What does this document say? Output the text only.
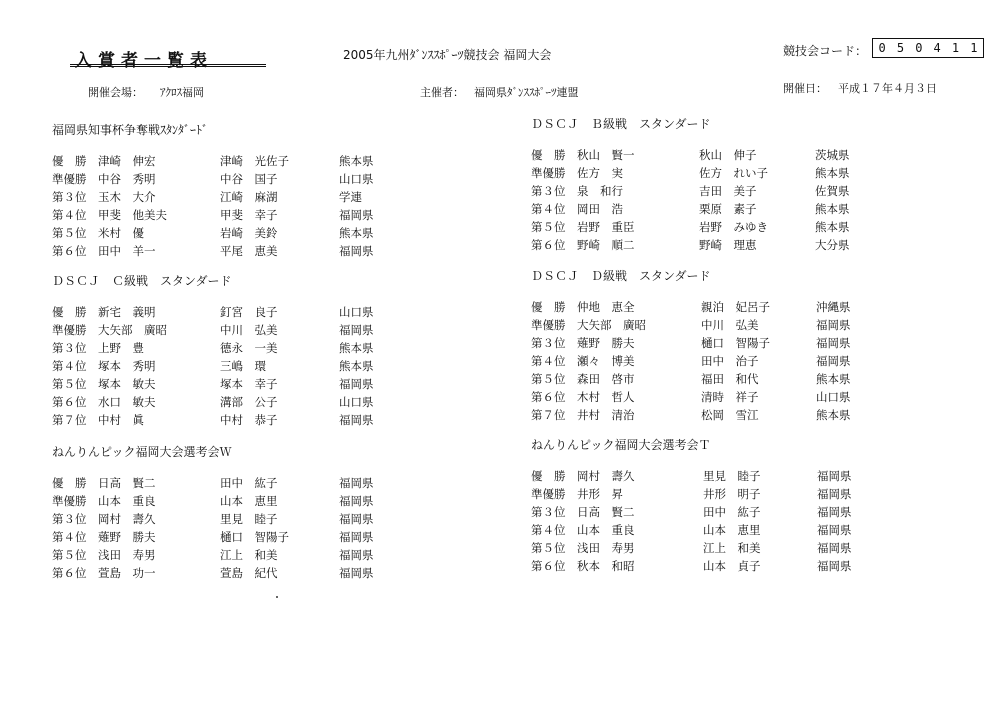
入賞者一覧表	2005年九州ﾀﾞﾝｽｽﾎﾟｰﾂ競技会 福岡大会	競技会コード： 0 5 0 4 1 1
開催会場： ｱｸﾛｽ福岡	主催者： 福岡県ﾀﾞﾝｽｽﾎﾟｰﾂ連盟	開催日： 平成１７年４月３日
福岡県知事杯争奪戦ｽﾀﾝﾀﾞｰﾄﾞ
優　勝 津崎　伸宏	津崎　光佐子	熊本県
準優勝 中谷　秀明	中谷　国子	山口県
第３位 玉木　大介	江崎　麻湖	学連
第４位 甲斐　他美夫	甲斐　幸子	福岡県
第５位 米村　優	岩崎　美鈴	熊本県
第６位 田中　羊一	平尾　恵美	福岡県
ＤＳＣＪ　Ｃ級戦　スタンダード
優　勝 新宅　義明	釘宮　良子	山口県
準優勝 大矢部　廣昭	中川　弘美	福岡県
第３位 上野　豊	德永　一美	熊本県
第４位 塚本　秀明	三嶋　環	熊本県
第５位 塚本　敏夫	塚本　幸子	福岡県
第６位 水口　敏夫	溝部　公子	山口県
第７位 中村　眞	中村　恭子	福岡県
ねんりんピック福岡大会選考会Ｗ
優　勝 日高　賢二	田中　紘子	福岡県
準優勝 山本　重良	山本　恵里	福岡県
第３位 岡村　壽久	里見　睦子	福岡県
第４位 薙野　勝夫	樋口　智陽子	福岡県
第５位 浅田　寿男	江上　和美	福岡県
第６位 萱島　功一	萱島　紀代	福岡県
ＤＳＣＪ　Ｂ級戦　スタンダード
優　勝 秋山　賢一	秋山　伸子	茨城県
準優勝 佐方　実	佐方　れい子	熊本県
第３位 泉　和行	吉田　美子	佐賀県
第４位 岡田　浩	栗原　素子	熊本県
第５位 岩野　重臣	岩野　みゆき	熊本県
第６位 野崎　順二	野崎　理恵	大分県
ＤＳＣＪ　Ｄ級戦　スタンダード
優　勝 仲地　恵全	親泊　妃呂子	沖縄県
準優勝 大矢部　廣昭	中川　弘美	福岡県
第３位 薙野　勝夫	樋口　智陽子	福岡県
第４位 瀬々　博美	田中　治子	福岡県
第５位 森田　啓市	福田　和代	熊本県
第６位 木村　哲人	清時　祥子	山口県
第７位 井村　清治	松岡　雪江	熊本県
ねんりんピック福岡大会選考会Ｔ
優　勝 岡村　壽久	里見　睦子	福岡県
準優勝 井形　昇	井形　明子	福岡県
第３位 日高　賢二	田中　紘子	福岡県
第４位 山本　重良	山本　恵里	福岡県
第５位 浅田　寿男	江上　和美	福岡県
第６位 秋本　和昭	山本　貞子	福岡県
